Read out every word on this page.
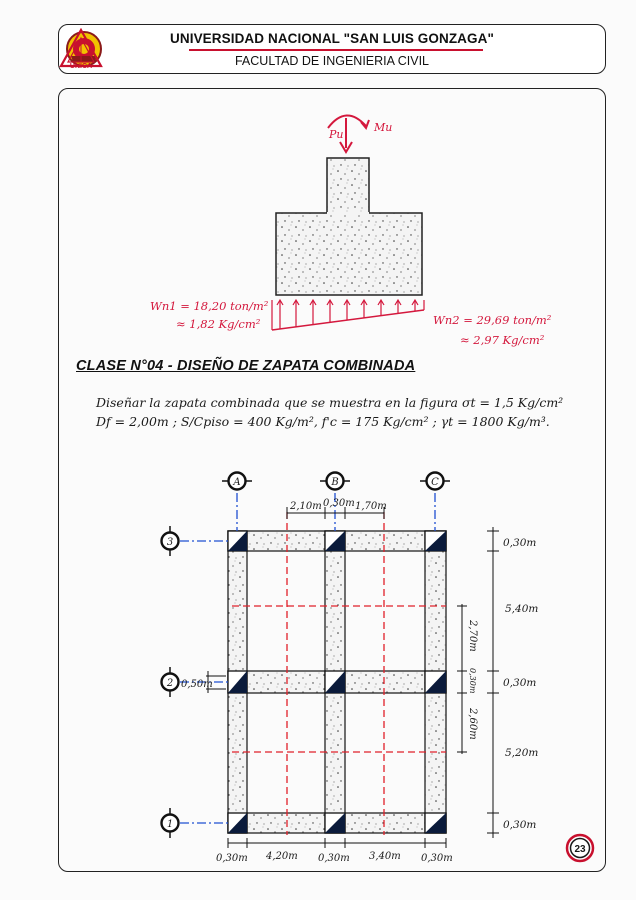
UNIVERSIDAD NACIONAL "SAN LUIS GONZAGA"
FACULTAD DE INGENIERIA CIVIL
UNICA
Pu
Mu
Wn1 = 18,20 ton/m²
≈ 1,82 Kg/cm²	Wn2 = 29,69 ton/m²
≈ 2,97 Kg/cm²
A	B	C
3
2
1
2,10m 0,30m 1,70m
0,30m 4,20m 0,30m 3,40m 0,30m
0,30m
5,40m
0,30m
5,20m
0,30m
2,70m
0,30m
2,60m
0,50m
CLASE N°04 - DISEÑO DE ZAPATA COMBINADA
Diseñar la zapata combinada que se muestra en la figura σt = 1,5 Kg/cm²
Df = 2,00m ; S/Cpiso = 400 Kg/m², f'c = 175 Kg/cm² ; γt = 1800 Kg/m³.
23
